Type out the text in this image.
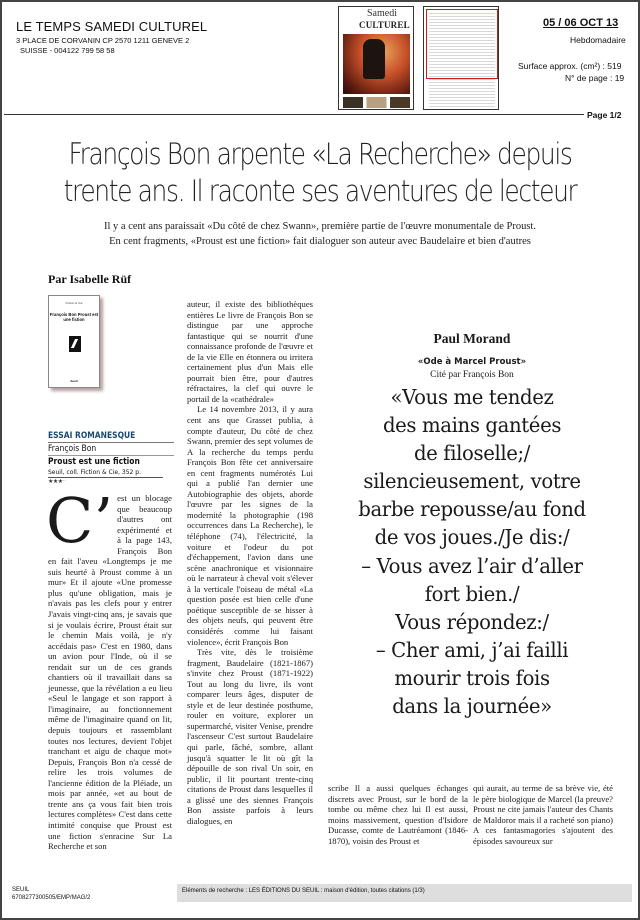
LE TEMPS SAMEDI CULTUREL
3 PLACE DE CORVANIN CP 2570 1211 GENEVE 2
SUISSE - 004122 799 58 58
Samedi
CULTUREL	05 / 06 OCT 13
Hebdomadaire
Surface approx. (cm²) : 519
N° de page : 19
Page 1/2
François Bon arpente «La Recherche» depuis
trente ans. Il raconte ses aventures de lecteur
Il y a cent ans paraissait «Du côté de chez Swann», première partie de l'œuvre monumentale de Proust.
En cent fragments, «Proust est une fiction» fait dialoguer son auteur avec Baudelaire et bien d'autres
Par Isabelle Rüf
Fiction & Cie
François Bon Proust est une fiction
Seuil
ESSAI ROMANESQUE
François Bon
Proust est une fiction
Seuil, coll. Fiction & Cie, 352 p.
★★★··
C’ est un blocage que beaucoup d'autres ont expérimenté et à la page 143, François Bon en fait l'aveu «Longtemps je me suis heurté à Proust comme à un mur» Et il ajoute «Une promesse plus qu'une obligation, mais je n'avais pas les clefs pour y entrer J'avais vingt-cinq ans, je savais que si je voulais écrire, Proust était sur le chemin Mais voilà, je n'y accédais pas» C'est en 1980, dans un avion pour l'Inde, où il se rendait sur un de ces grands chantiers où il travaillait dans sa jeunesse, que la révélation a eu lieu «Seul le langage et son rapport à l'imaginaire, au fonctionnement même de l'imaginaire quand on lit, depuis toujours et rassemblant toutes nos lectures, devient l'objet tranchant et aigu de chaque mot» Depuis, François Bon n'a cessé de relire les trois volumes de l'ancienne édition de la Pléiade, un mois par année, «et au bout de trente ans ça vous fait bien trois lectures complètes» C'est dans cette intimité conquise que Proust est une fiction s'enracine Sur La Recherche et son

auteur, il existe des bibliothèques entières Le livre de François Bon se distingue par une approche fantastique qui se nourrit d'une connaissance profonde de l'œuvre et de la vie Elle en étonnera ou irritera certainement plus d'un Mais elle pourrait bien être, pour d'autres réfractaires, la clef qui ouvre le portail de la «cathédrale»

Le 14 novembre 2013, il y aura cent ans que Grasset publia, à compte d'auteur, Du côté de chez Swann, premier des sept volumes de A la recherche du temps perdu François Bon fête cet anniversaire en cent fragments numérotés Lui qui a publié l'an dernier une Autobiographie des objets, aborde l'œuvre par les signes de la modernité la photographie (198 occurrences dans La Recherche), le téléphone (74), l'électricité, la voiture et l'odeur du pot d'échappement, l'avion dans une scène anachronique et visionnaire où le narrateur à cheval voit s'élever à la verticale l'oiseau de métal «La question posée est bien celle d'une poétique susceptible de se hisser à des objets neufs, qui peuvent être considérés comme lui faisant violence», écrit François Bon

Très vite, dès le troisième fragment, Baudelaire (1821-1867) s'invite chez Proust (1871-1922) Tout au long du livre, ils vont comparer leurs âges, disputer de style et de leur destinée posthume, rouler en voiture, explorer un supermarché, visiter Venise, prendre l'ascenseur C'est surtout Baudelaire qui parle, fâché, sombre, allant jusqu'à squatter le lit où gît la dépouille de son rival Un soir, en public, il lit pourtant trente-cinq citations de Proust dans lesquelles il a glissé une des siennes François Bon assiste parfois à leurs dialogues, en

Paul Morand
«Ode à Marcel Proust»
Cité par François Bon
«Vous me tendez
des mains gantées
de filoselle;/
silencieusement, votre
barbe repousse/au fond
de vos joues./Je dis:/
– Vous avez l’air d’aller
fort bien./
Vous répondez:/
– Cher ami, j’ai failli
mourir trois fois
dans la journée»

scribe Il a aussi quelques échanges discrets avec Proust, sur le bord de la tombe ou même chez lui Il est aussi, moins massivement, question d'Isidore Ducasse, comte de Lautréamont (1846-1870), voisin des Proust et

qui aurait, au terme de sa brève vie, été le père biologique de Marcel (la preuve? Proust ne cite jamais l'auteur des Chants de Maldoror mais il a racheté son piano) A ces fantasmagories s'ajoutent des épisodes savoureux sur

SEUIL
6708277300505/EMP/MAG/2
Eléments de recherche : LES ÉDITIONS DU SEUIL : maison d'édition, toutes citations (1/3)
